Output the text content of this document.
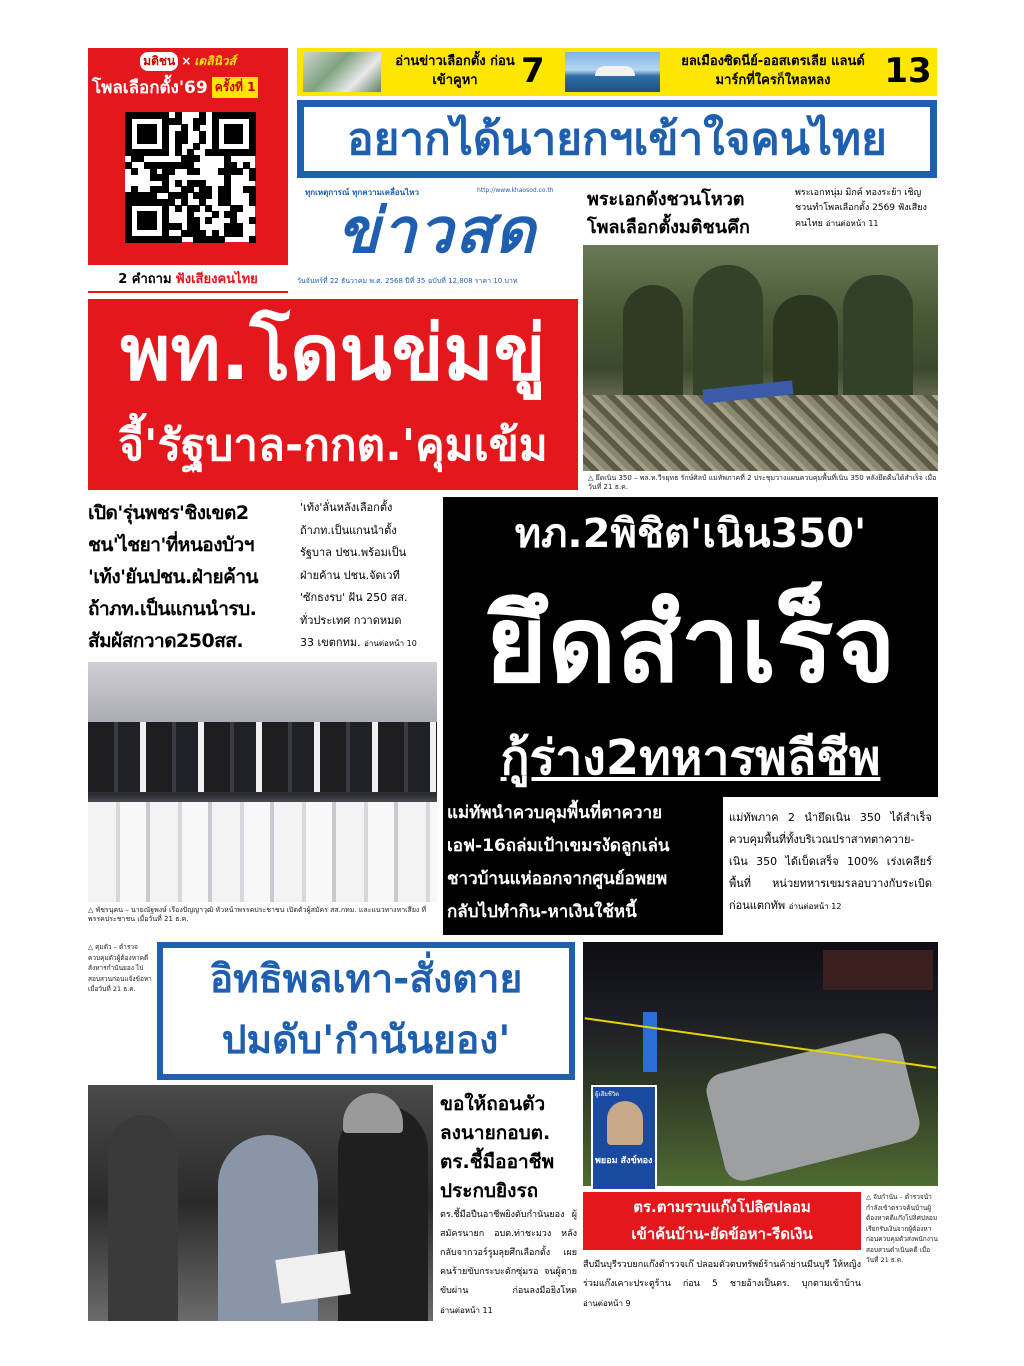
มติชน × เดลินิวส์
โพลเลือกตั้ง'69 ครั้งที่ 1
2 คำถาม ฟังเสียงคนไทย
อ่านข่าวเลือกตั้ง ก่อนเข้าคูหา	7	ยลเมืองซิดนีย์-ออสเตรเลีย แลนด์มาร์กที่ใครก็ใหลหลง	13
อยากได้นายกฯเข้าใจคนไทย
ทุกเหตุการณ์ ทุกความเคลื่อนไหว	http://www.khaosod.co.th
ข่าวสด
วันจันทร์ที่ 22 ธันวาคม พ.ศ. 2568 ปีที่ 35 ฉบับที่ 12,808 ราคา 10 บาท
พระเอกดังชวนโหวต
โพลเลือกตั้งมติชนคึก
พระเอกหนุ่ม มิกค์ ทองระย้า เชิญชวนทำโพลเลือกตั้ง 2569 ฟังเสียงคนไทย อ่านต่อหน้า 11
△ ยึดเนิน 350 – พล.ท.วีรยุทธ รักษ์ศิลป์ แม่ทัพภาคที่ 2 ประชุมวางแผนควบคุมพื้นที่เนิน 350 หลังยึดคืนได้สำเร็จ เมื่อวันที่ 21 ธ.ค.
พท.โดนข่มขู่
จี้'รัฐบาล-กกต.'คุมเข้ม
เปิด'รุ่นพชร'ชิงเขต2
ชน'ไชยา'ที่หนองบัวฯ
'เท้ง'ยันปชน.ฝ่ายค้าน
ถ้าภท.เป็นแกนนำรบ.
สัมผัสกวาด250สส.
'เท้ง'ลั่นหลังเลือกตั้ง
ถ้าภท.เป็นแกนนำตั้ง
รัฐบาล ปชน.พร้อมเป็น
ฝ่ายค้าน ปชน.จัดเวที
'ซักธงรบ' ฝัน 250 สส.
ทั่วประเทศ กวาดหมด
33 เขตกทม. อ่านต่อหน้า 10
△ พัชรนุคน – นายณัฐพงษ์ เรืองปัญญาวุฒิ หัวหน้าพรรคประชาชน เปิดตัวผู้สมัคร สส.กทม. และแนวทางหาเสียง ที่พรรคประชาชน เมื่อวันที่ 21 ธ.ค.
ทภ.2พิชิต'เนิน350'
ยึดสำเร็จ
กู้ร่าง2ทหารพลีชีพ
แม่ทัพนำควบคุมพื้นที่ตาควาย
เอฟ-16ถล่มเป้าเขมรงัดลูกเล่น
ชาวบ้านแห่ออกจากศูนย์อพยพ
กลับไปทำกิน-หาเงินใช้หนี้
แม่ทัพภาค 2 นำยึดเนิน 350 ได้สำเร็จ ควบคุมพื้นที่ทั้งบริเวณปราสาทตาควาย-เนิน 350 ได้เบ็ดเสร็จ 100% เร่งเคลียร์พื้นที่ หน่วยทหารเขมรลอบวางกับระเบิดก่อนแตกทัพ อ่านต่อหน้า 12
△ คุมตัว – ตำรวจควบคุมตัวผู้ต้องหาคดีสังหารกำนันยอง ไปสอบสวนก่อนแจ้งข้อหา เมื่อวันที่ 21 ธ.ค.	อิทธิพลเทา-สั่งตาย
ปมดับ'กำนันยอง'
ขอให้ถอนตัว
ลงนายกอบต.
ตร.ชี้มืออาชีพ
ประกบยิงรถ
ตร.ชี้มือปืนอาชีพยิงดับกำนันยอง ผู้สมัครนายก อบต.ท่าชะมวง หลังกลับจากวอร์รูมลุยศึกเลือกตั้ง เผยคนร้ายขับกระบะดักซุ่มรอ จนผู้ตายขับผ่าน ก่อนลงมือยิงโหด อ่านต่อหน้า 11
ผู้เสียชีวิต
พยอม สังข์ทอง
△ จับกำนัน – ตำรวจนำกำลังเข้าตรวจค้นบ้านผู้ต้องหาคดีแก๊งโปลิศปลอม เรียกรับเงินจากผู้ต้องหา ก่อนควบคุมตัวส่งพนักงานสอบสวนดำเนินคดี เมื่อวันที่ 21 ธ.ค.
ตร.ตามรวบแก๊งโปลิศปลอม
เข้าค้นบ้าน-ยัดข้อหา-รีดเงิน
สืบมีนบุรีรวบยกแก๊งตำรวจเก๊ ปลอมตัวตบทรัพย์ร้านค้าย่านมีนบุรี ให้หญิงร่วมแก๊งเคาะประตูร้าน ก่อน 5 ชายอ้างเป็นตร. บุกตามเข้าบ้าน อ่านต่อหน้า 9
